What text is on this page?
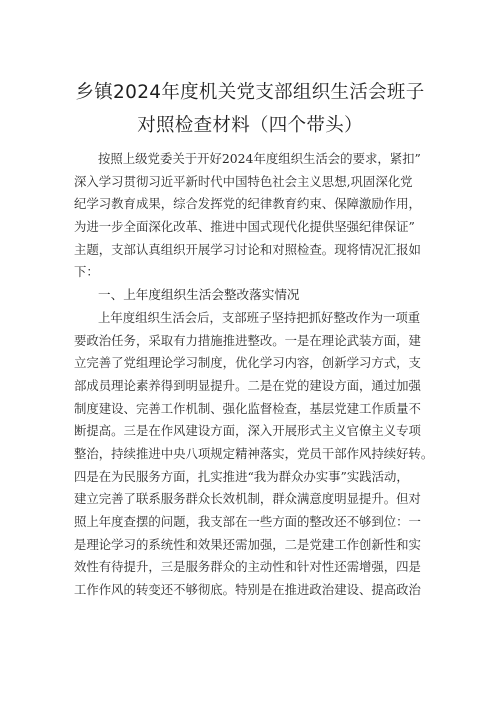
乡镇2024年度机关党支部组织生活会班子
对照检查材料（四个带头）
按照上级党委关于开好2024年度组织生活会的要求，紧扣”
深入学习贯彻习近平新时代中国特色社会主义思想,巩固深化党
纪学习教育成果，综合发挥党的纪律教育约束、保障激励作用，
为进一步全面深化改革、推进中国式现代化提供坚强纪律保证”
主题，支部认真组织开展学习讨论和对照检查。现将情况汇报如
下：
一、上年度组织生活会整改落实情况
上年度组织生活会后，支部班子坚持把抓好整改作为一项重
要政治任务，采取有力措施推进整改。一是在理论武装方面，建
立完善了党组理论学习制度，优化学习内容，创新学习方式，支
部成员理论素养得到明显提升。二是在党的建设方面，通过加强
制度建设、完善工作机制、强化监督检查，基层党建工作质量不
断提高。三是在作风建设方面，深入开展形式主义官僚主义专项
整治，持续推进中央八项规定精神落实，党员干部作风持续好转。
四是在为民服务方面，扎实推进“我为群众办实事”实践活动，
建立完善了联系服务群众长效机制，群众满意度明显提升。但对
照上年度查摆的问题，我支部在一些方面的整改还不够到位：一
是理论学习的系统性和效果还需加强，二是党建工作创新性和实
效性有待提升，三是服务群众的主动性和针对性还需增强，四是
工作作风的转变还不够彻底。特别是在推进政治建设、提高政治
